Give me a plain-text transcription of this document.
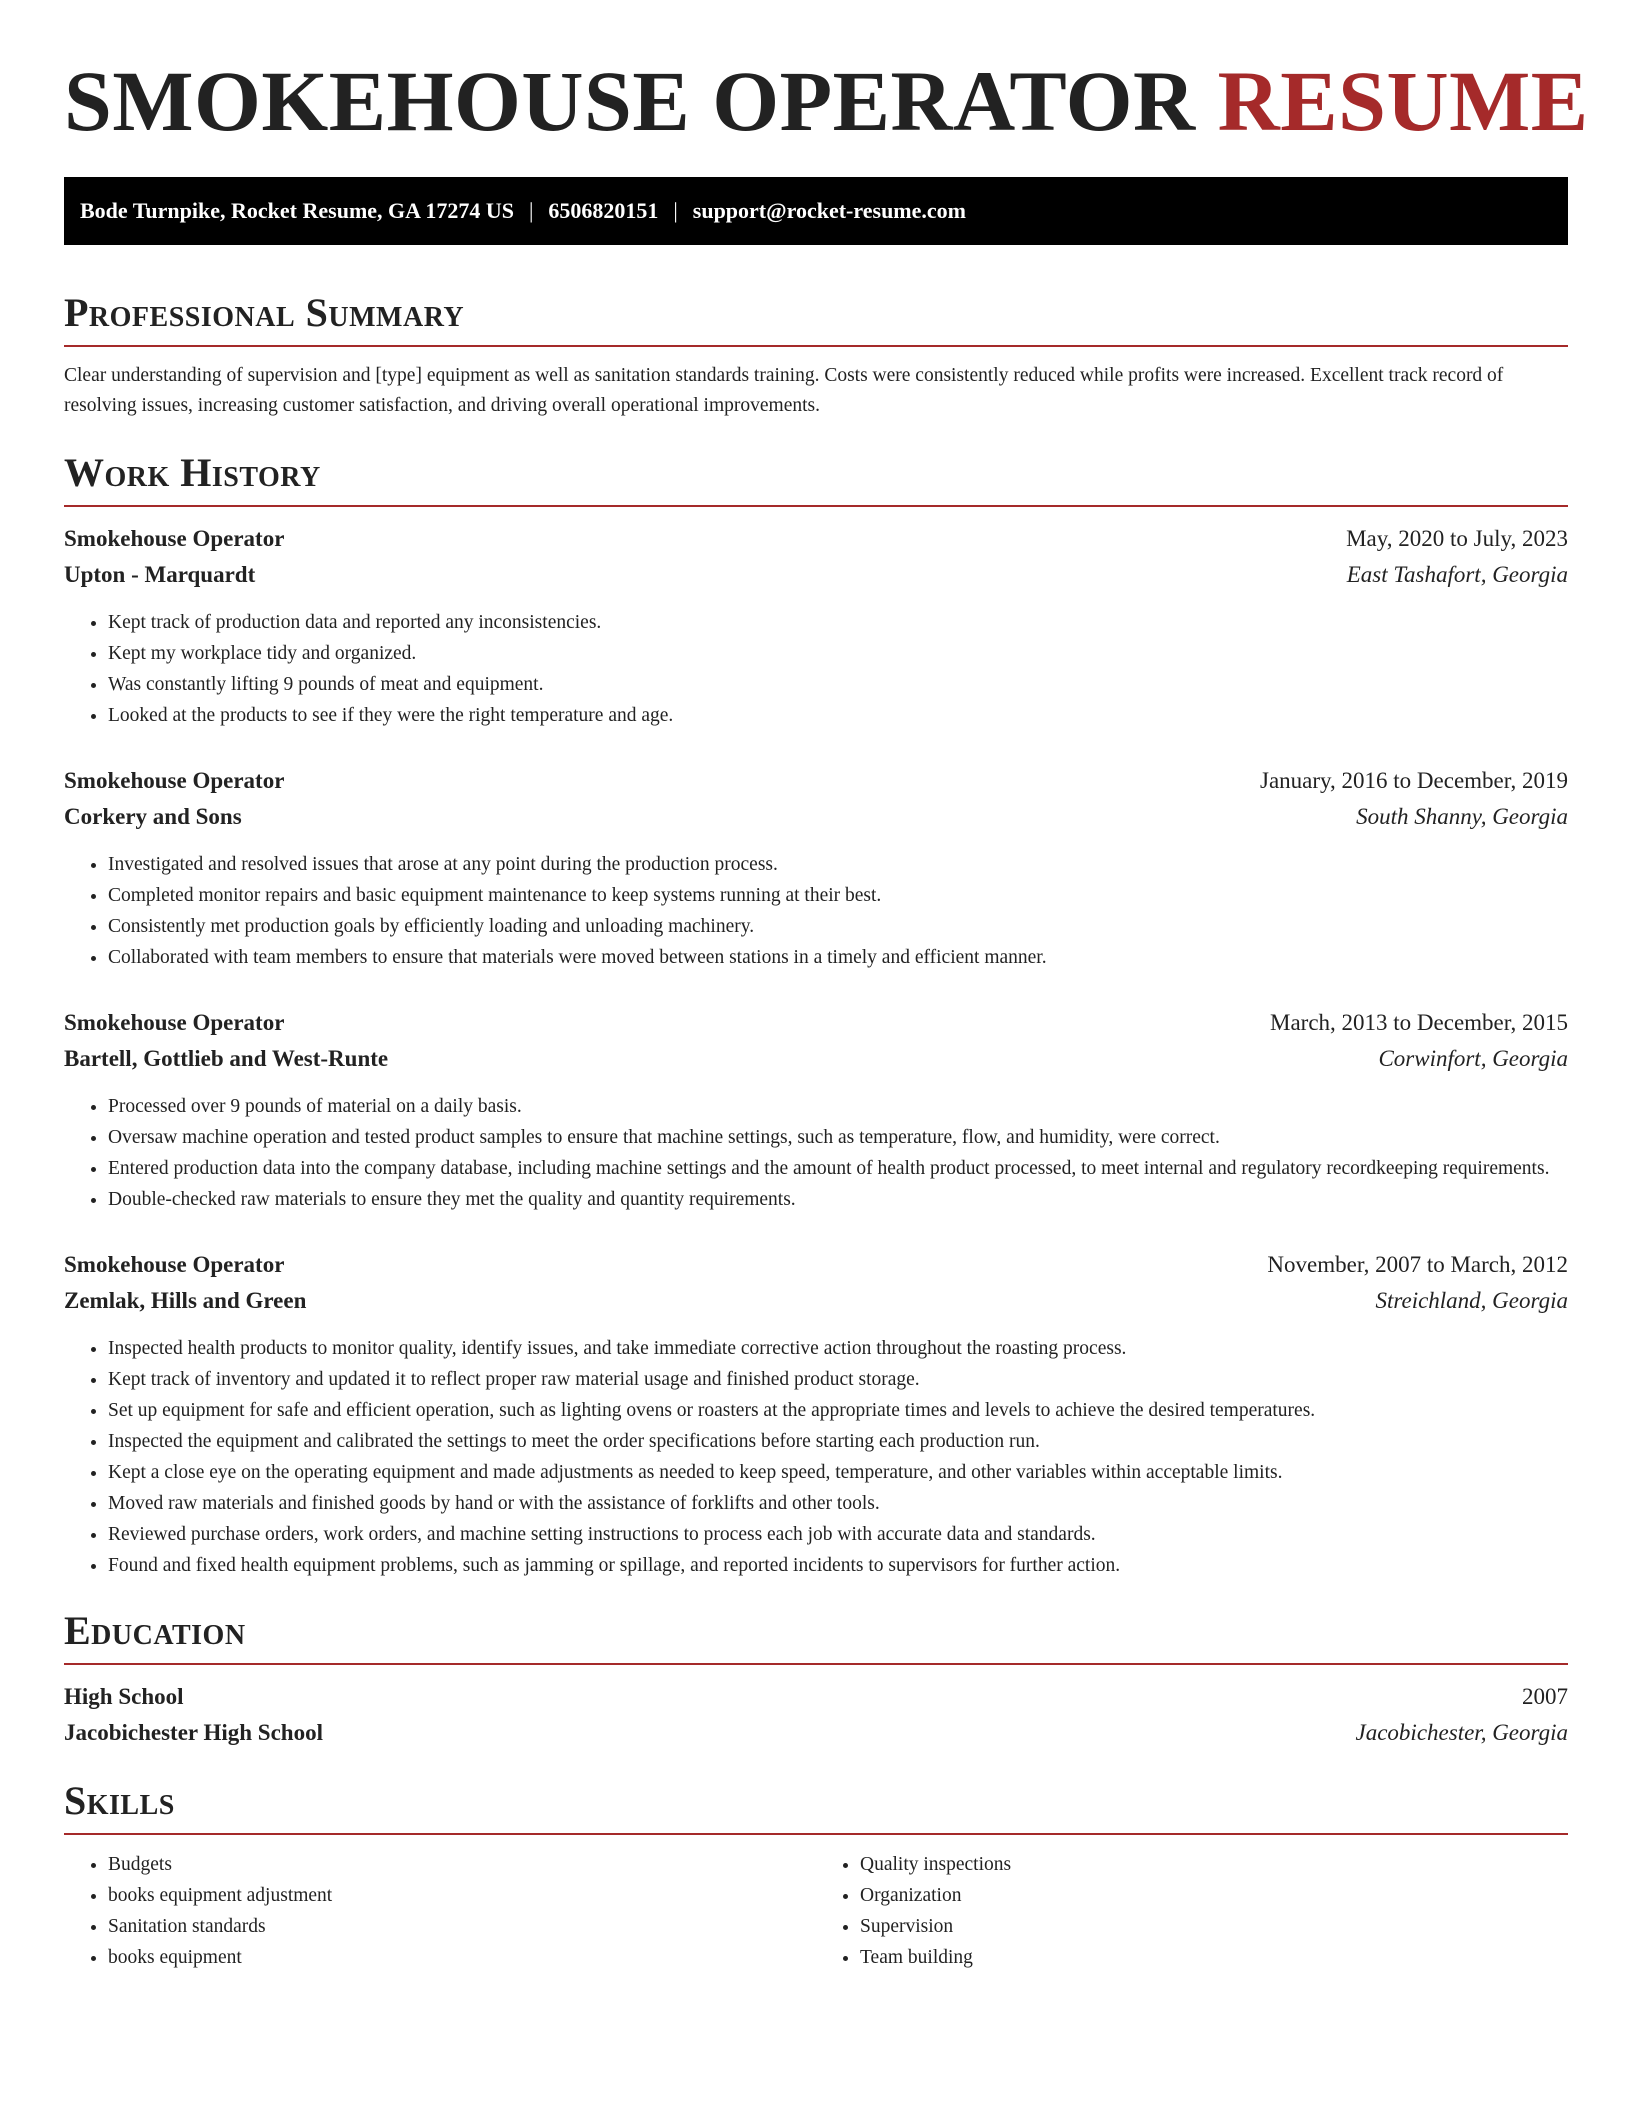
SMOKEHOUSE OPERATOR RESUME
Bode Turnpike, Rocket Resume, GA 17274 US | 6506820151 | support@rocket-resume.com
Professional Summary

Clear understanding of supervision and [type] equipment as well as sanitation standards training. Costs were consistently reduced while profits were increased. Excellent track record of resolving issues, increasing customer satisfaction, and driving overall operational improvements.

Work History
Smokehouse Operator	May, 2020 to July, 2023
Upton - Marquardt	East Tashafort, Georgia
• Kept track of production data and reported any inconsistencies.
• Kept my workplace tidy and organized.
• Was constantly lifting 9 pounds of meat and equipment.
• Looked at the products to see if they were the right temperature and age.
Smokehouse Operator	January, 2016 to December, 2019
Corkery and Sons	South Shanny, Georgia
• Investigated and resolved issues that arose at any point during the production process.
• Completed monitor repairs and basic equipment maintenance to keep systems running at their best.
• Consistently met production goals by efficiently loading and unloading machinery.
• Collaborated with team members to ensure that materials were moved between stations in a timely and efficient manner.
Smokehouse Operator	March, 2013 to December, 2015
Bartell, Gottlieb and West-Runte	Corwinfort, Georgia
• Processed over 9 pounds of material on a daily basis.
• Oversaw machine operation and tested product samples to ensure that machine settings, such as temperature, flow, and humidity, were correct.
• Entered production data into the company database, including machine settings and the amount of health product processed, to meet internal and regulatory recordkeeping requirements.
• Double-checked raw materials to ensure they met the quality and quantity requirements.
Smokehouse Operator	November, 2007 to March, 2012
Zemlak, Hills and Green	Streichland, Georgia
• Inspected health products to monitor quality, identify issues, and take immediate corrective action throughout the roasting process.
• Kept track of inventory and updated it to reflect proper raw material usage and finished product storage.
• Set up equipment for safe and efficient operation, such as lighting ovens or roasters at the appropriate times and levels to achieve the desired temperatures.
• Inspected the equipment and calibrated the settings to meet the order specifications before starting each production run.
• Kept a close eye on the operating equipment and made adjustments as needed to keep speed, temperature, and other variables within acceptable limits.
• Moved raw materials and finished goods by hand or with the assistance of forklifts and other tools.
• Reviewed purchase orders, work orders, and machine setting instructions to process each job with accurate data and standards.
• Found and fixed health equipment problems, such as jamming or spillage, and reported incidents to supervisors for further action.
Education
High School	2007
Jacobichester High School	Jacobichester, Georgia
Skills
• Budgets
• books equipment adjustment
• Sanitation standards
• books equipment
• Quality inspections
• Organization
• Supervision
• Team building
